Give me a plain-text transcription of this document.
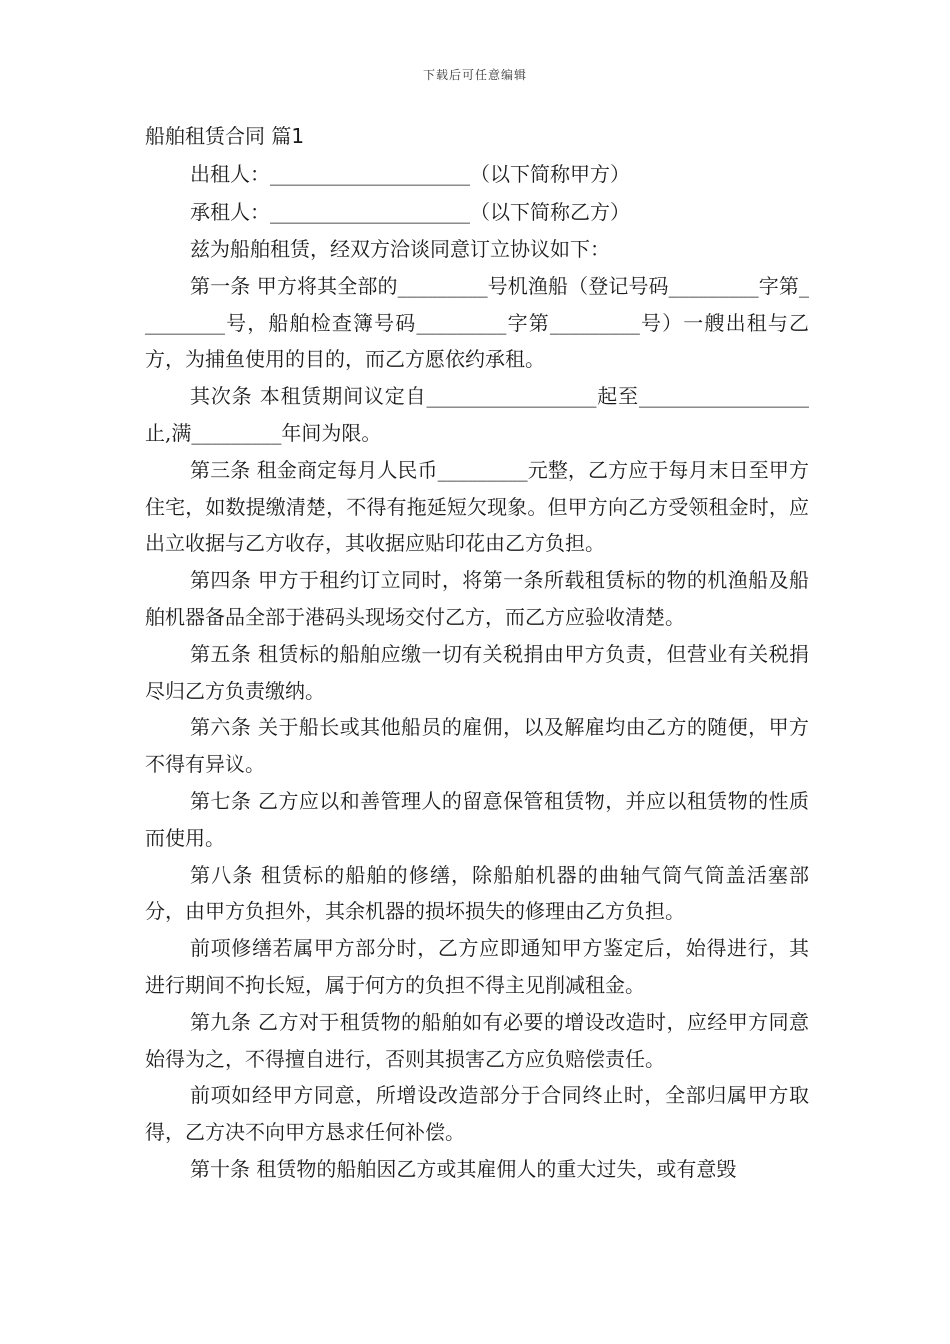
下载后可任意编辑
船舶租赁合同 篇1
出租人：____________________（以下简称甲方）
承租人：____________________（以下简称乙方）

兹为船舶租赁，经双方洽谈同意订立协议如下：

第一条 甲方将其全部的_________号机渔船（登记号码_________字第_________号，船舶检查簿号码_________字第_________号）一艘出租与乙方，为捕鱼使用的目的，而乙方愿依约承租。

其次条 本租赁期间议定自_________________起至_________________止,满_________年间为限。

第三条 租金商定每月人民币_________元整，乙方应于每月末日至甲方住宅，如数提缴清楚，不得有拖延短欠现象。但甲方向乙方受领租金时，应出立收据与乙方收存，其收据应贴印花由乙方负担。

第四条 甲方于租约订立同时，将第一条所载租赁标的物的机渔船及船舶机器备品全部于港码头现场交付乙方，而乙方应验收清楚。

第五条 租赁标的船舶应缴一切有关税捐由甲方负责，但营业有关税捐尽归乙方负责缴纳。

第六条 关于船长或其他船员的雇佣，以及解雇均由乙方的随便，甲方不得有异议。

第七条 乙方应以和善管理人的留意保管租赁物，并应以租赁物的性质而使用。

第八条 租赁标的船舶的修缮，除船舶机器的曲轴气筒气筒盖活塞部分，由甲方负担外，其余机器的损坏损失的修理由乙方负担。

前项修缮若属甲方部分时，乙方应即通知甲方鉴定后，始得进行，其进行期间不拘长短，属于何方的负担不得主见削减租金。

第九条 乙方对于租赁物的船舶如有必要的增设改造时，应经甲方同意始得为之，不得擅自进行，否则其损害乙方应负赔偿责任。

前项如经甲方同意，所增设改造部分于合同终止时，全部归属甲方取得，乙方决不向甲方恳求任何补偿。

第十条 租赁物的船舶因乙方或其雇佣人的重大过失，或有意毁
